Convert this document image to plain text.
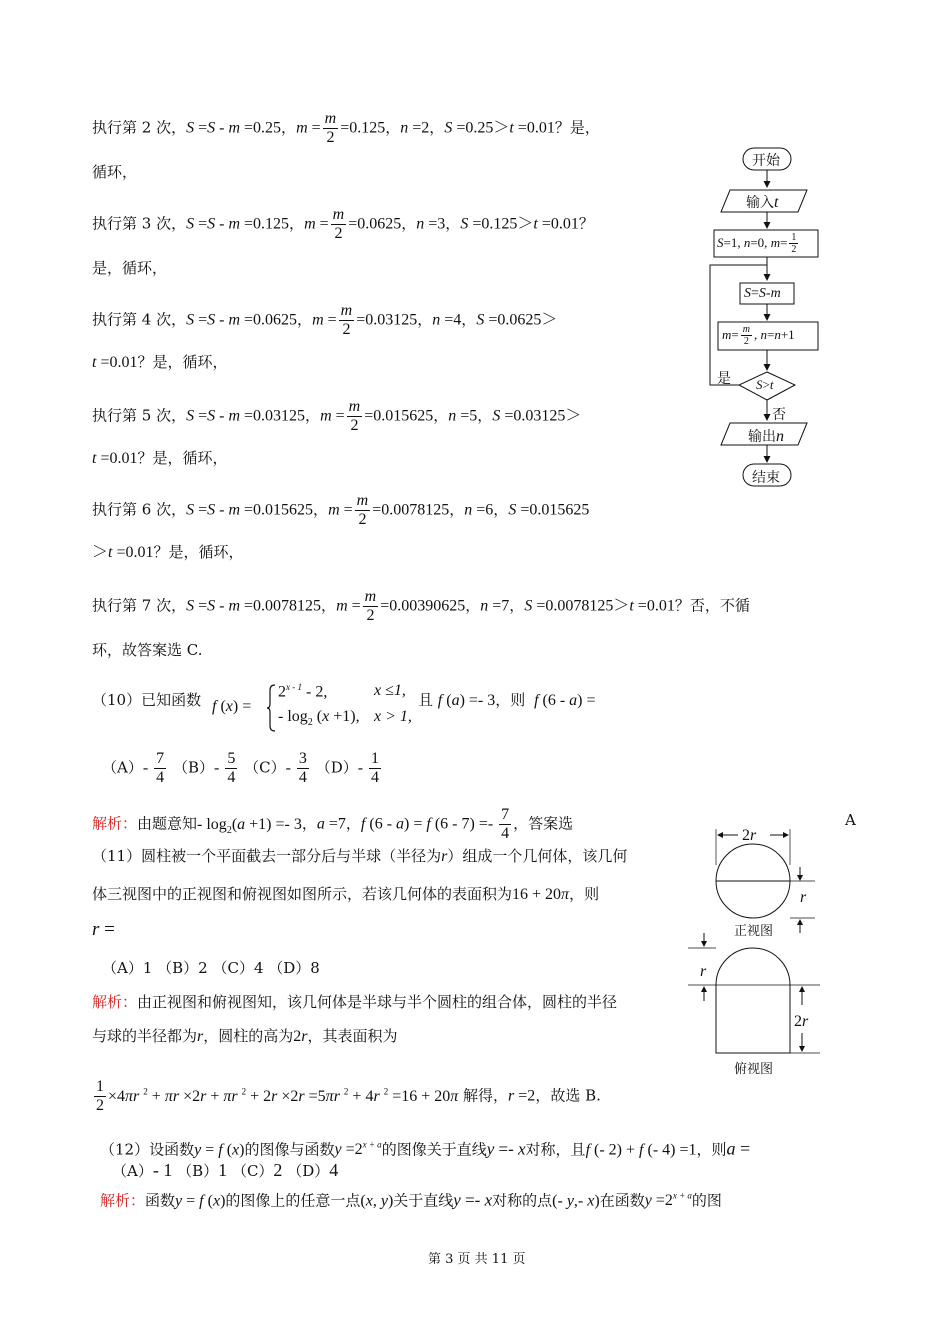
执行第 2 次，S =S - m =0.25，$m = \frac{m}{2} =0.125$，n =2，S =0.25＞t =0.01？是，
循环，
执行第 3 次，S =S - m =0.125，$m = \frac{m}{2} =0.0625$，n =3，S =0.125＞t =0.01？
是，循环，
执行第 4 次，S =S - m =0.0625，$m = \frac{m}{2} =0.03125$，n =4，S =0.0625＞
t =0.01？是，循环，
执行第 5 次，S =S - m =0.03125，$m = \frac{m}{2} =0.015625$，n =5，S =0.03125＞
t =0.01？是，循环，
执行第 6 次，S =S - m =0.015625，$m = \frac{m}{2} =0.0078125$，n =6，S =0.015625
＞t =0.01？是，循环，
执行第 7 次，S =S - m =0.0078125，$m = \frac{m}{2} =0.00390625$，n =7，S =0.0078125＞t =0.01？否，不循
环，故答案选 C.
（10）已知函数 f (x) =
$2^{x - 1} - 2$,	x ≤1,
- $\log_2 (x +1)$, x > 1,
且 f (a) =- 3，则 f (6 - a) =
$(A)- \frac{7}{4} (B)- \frac{5}{4} (C)- \frac{3}{4} (D)- \frac{1}{4}$
解析：由题意知- $\log_2(a +1) =- 3$，a =7，f (6 - a) = f $(6 - 7) =- \frac{7}{4}$ ，答案选	A
（11）圆柱被一个平面截去一部分后与半球（半径为r）组成一个几何体，该几何
体三视图中的正视图和俯视图如图所示，若该几何体的表面积为16 + 20π，则
r =
（A）1 （B）2 （C）4 （D）8
解析：由正视图和俯视图知，该几何体是半球与半个圆柱的组合体，圆柱的半径
与球的半径都为r，圆柱的高为2r，其表面积为
$\frac{1}{2} \times 4\pi r$ $^2$ + πr ×2r + πr $^2$ + 2r ×2r =5πr $^2$ + 4r $^2$ =16 + 20π 解得，r =2，故选 B.
（12）设函数y = f (x)的图像与函数$y =2^{x + a}$的图像关于直线y =- x对称，且f (- 2) + f (- 4) =1，则a =
（A）- 1 （B）1 （C）2 （D）4
解析：函数y = f (x)的图像上的任意一点(x, y)关于直线y =- x对称的点(- y,- x)在函数$y =2^{x + a}$的图
开始
输入t
S=1, n=0, $m= \frac{1}{2}$
S=S-m
$m= \frac{m}{2}$ , n=n+1
S>t
是
否
输出n
结束
2r
r
正视图
r
2r
俯视图
第 3 页 共 11 页
